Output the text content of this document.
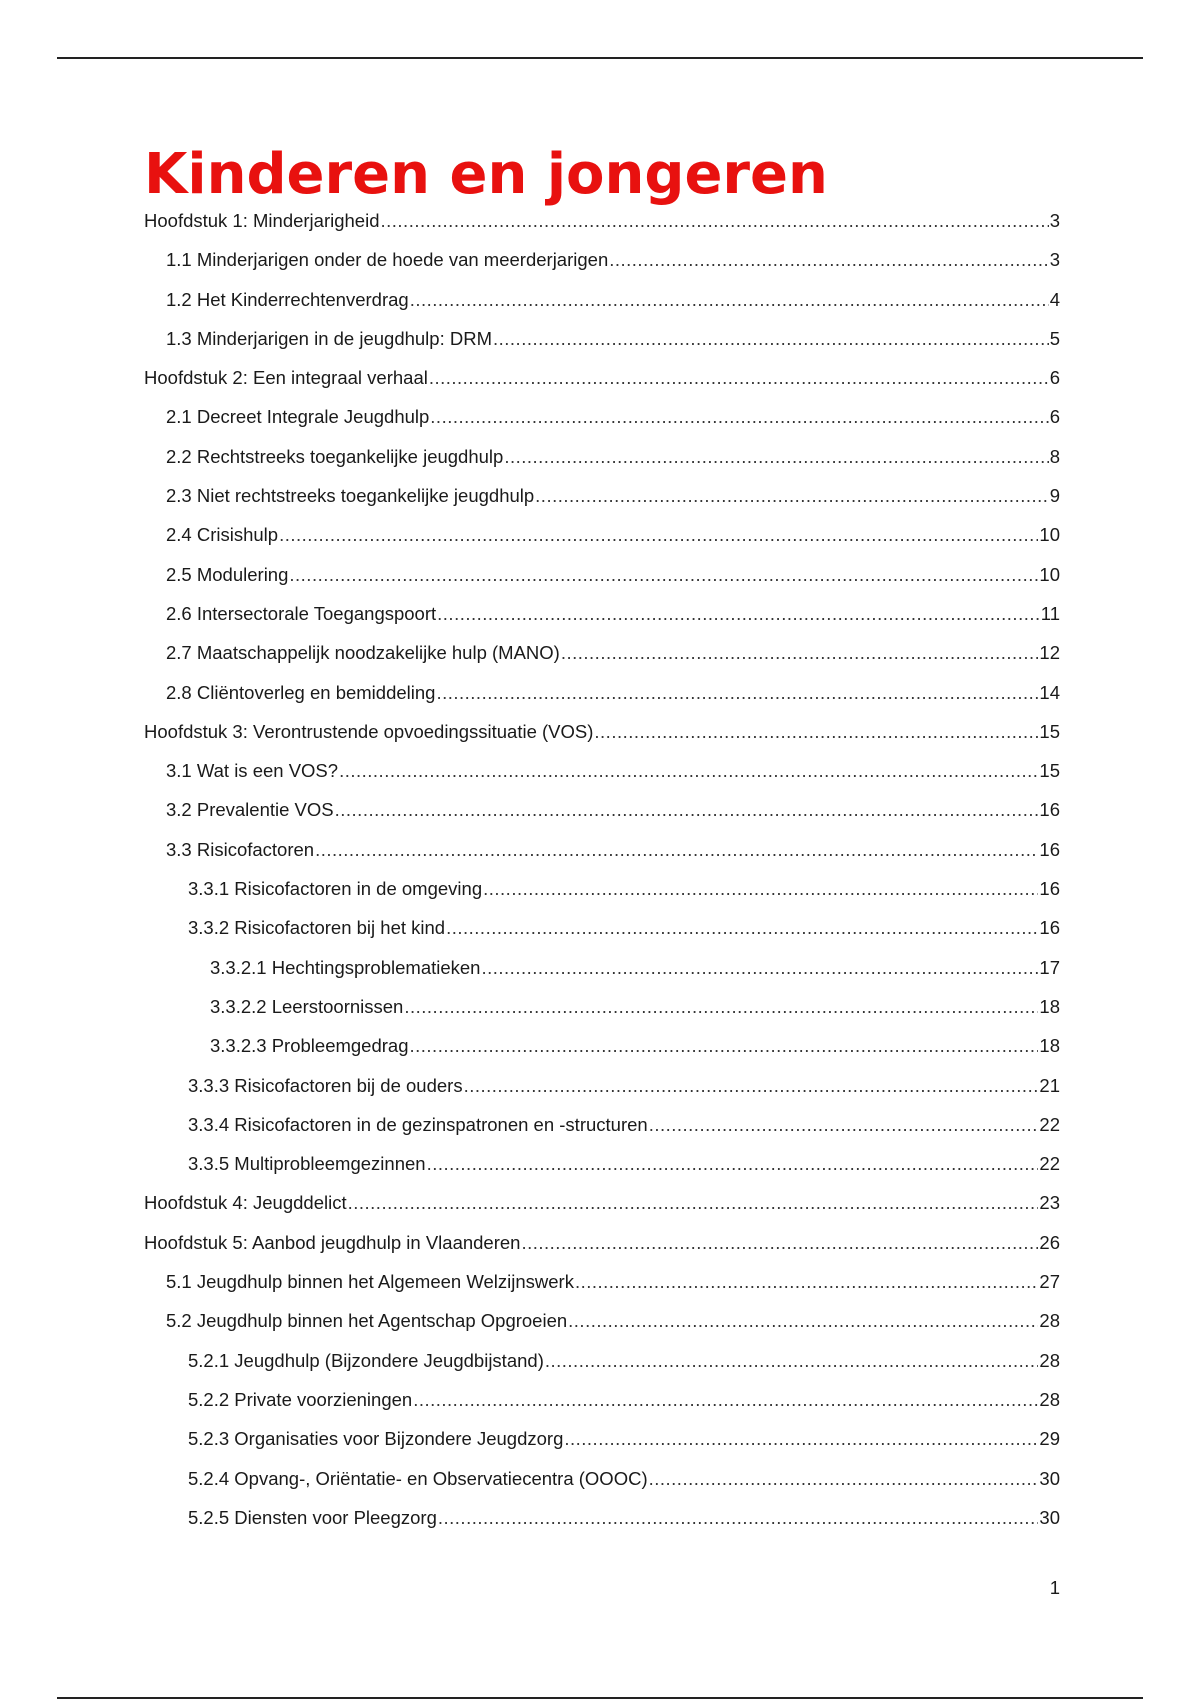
Kinderen en jongeren
Hoofdstuk 1: Minderjarigheid .....	3
1.1 Minderjarigen onder de hoede van meerderjarigen .....	3
1.2 Het Kinderrechtenverdrag .....	4
1.3 Minderjarigen in de jeugdhulp: DRM .....	5
Hoofdstuk 2: Een integraal verhaal .....	6
2.1 Decreet Integrale Jeugdhulp .....	6
2.2 Rechtstreeks toegankelijke jeugdhulp .....	8
2.3 Niet rechtstreeks toegankelijke jeugdhulp .....	9
2.4 Crisishulp .....	10
2.5 Modulering .....	10
2.6 Intersectorale Toegangspoort .....	11
2.7 Maatschappelijk noodzakelijke hulp (MANO) .....	12
2.8 Cliëntoverleg en bemiddeling .....	14
Hoofdstuk 3: Verontrustende opvoedingssituatie (VOS) .....	15
3.1 Wat is een VOS? .....	15
3.2 Prevalentie VOS .....	16
3.3 Risicofactoren .....	16
3.3.1 Risicofactoren in de omgeving .....	16
3.3.2 Risicofactoren bij het kind .....	16
3.3.2.1 Hechtingsproblematieken .....	17
3.3.2.2 Leerstoornissen .....	18
3.3.2.3 Probleemgedrag .....	18
3.3.3 Risicofactoren bij de ouders .....	21
3.3.4 Risicofactoren in de gezinspatronen en -structuren .....	22
3.3.5 Multiprobleemgezinnen .....	22
Hoofdstuk 4: Jeugddelict .....	23
Hoofdstuk 5: Aanbod jeugdhulp in Vlaanderen .....	26
5.1 Jeugdhulp binnen het Algemeen Welzijnswerk .....	27
5.2 Jeugdhulp binnen het Agentschap Opgroeien .....	28
5.2.1 Jeugdhulp (Bijzondere Jeugdbijstand) .....	28
5.2.2 Private voorzieningen .....	28
5.2.3 Organisaties voor Bijzondere Jeugdzorg .....	29
5.2.4 Opvang-, Oriëntatie- en Observatiecentra (OOOC) .....	30
5.2.5 Diensten voor Pleegzorg .....	30
1
